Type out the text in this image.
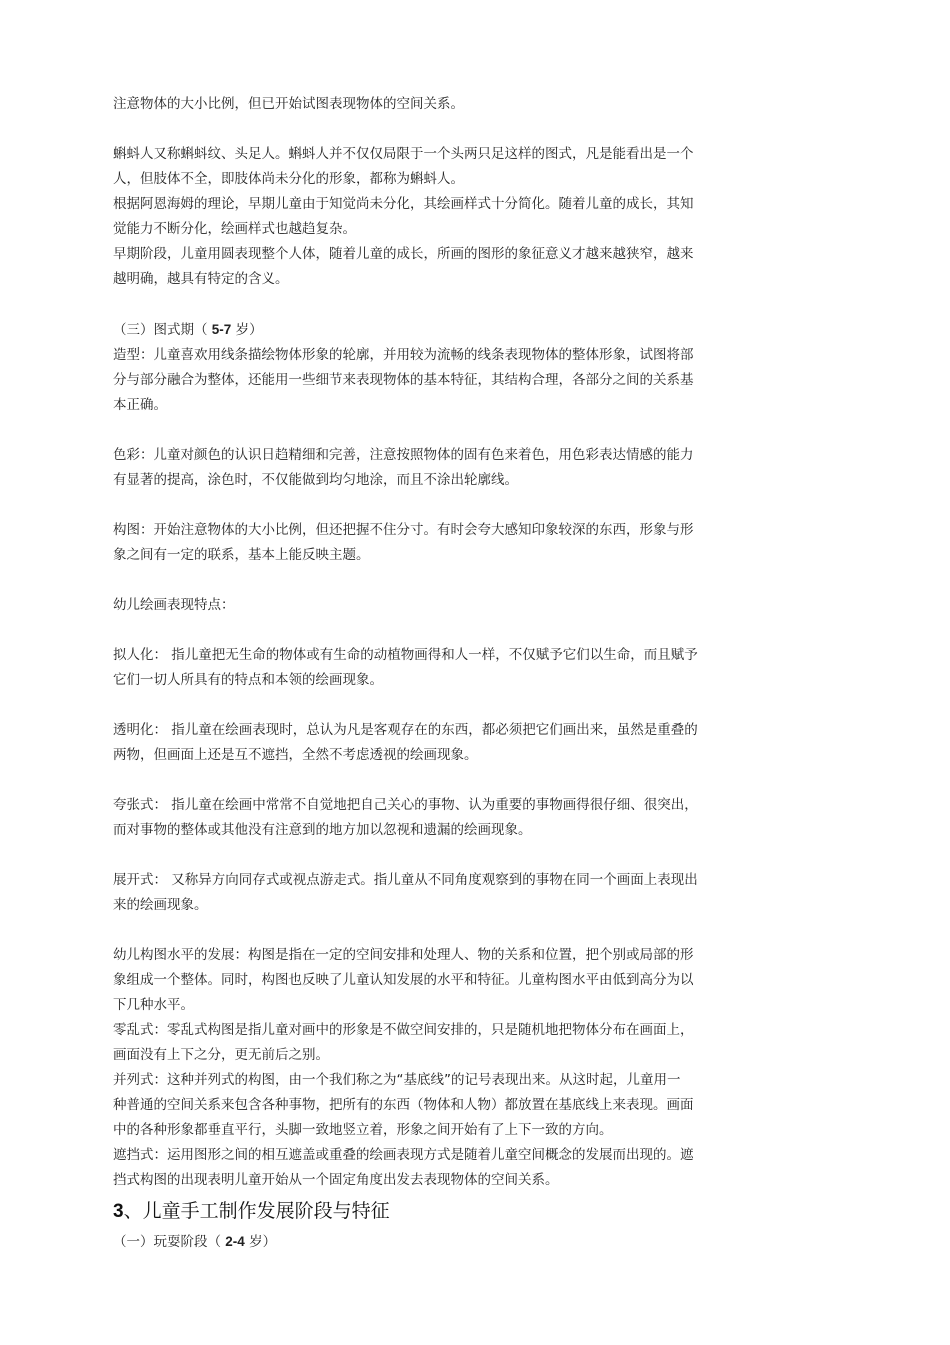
注意物体的大小比例，但已开始试图表现物体的空间关系。
蝌蚪人又称蝌蚪纹、头足人。蝌蚪人并不仅仅局限于一个头两只足这样的图式，凡是能看出是一个
人，但肢体不全，即肢体尚未分化的形象，都称为蝌蚪人。
根据阿恩海姆的理论，早期儿童由于知觉尚未分化，其绘画样式十分简化。随着儿童的成长，其知
觉能力不断分化，绘画样式也越趋复杂。
早期阶段，儿童用圆表现整个人体，随着儿童的成长，所画的图形的象征意义才越来越狭窄，越来
越明确，越具有特定的含义。
（三）图式期（ 5-7 岁）
造型：儿童喜欢用线条描绘物体形象的轮廓，并用较为流畅的线条表现物体的整体形象，试图将部
分与部分融合为整体，还能用一些细节来表现物体的基本特征，其结构合理，各部分之间的关系基
本正确。
色彩：儿童对颜色的认识日趋精细和完善，注意按照物体的固有色来着色，用色彩表达情感的能力
有显著的提高，涂色时，不仅能做到均匀地涂，而且不涂出轮廓线。
构图：开始注意物体的大小比例，但还把握不住分寸。有时会夸大感知印象较深的东西，形象与形
象之间有一定的联系，基本上能反映主题。
幼儿绘画表现特点：
拟人化： 指儿童把无生命的物体或有生命的动植物画得和人一样，不仅赋予它们以生命，而且赋予
它们一切人所具有的特点和本领的绘画现象。
透明化： 指儿童在绘画表现时，总认为凡是客观存在的东西，都必须把它们画出来，虽然是重叠的
两物，但画面上还是互不遮挡，全然不考虑透视的绘画现象。
夸张式： 指儿童在绘画中常常不自觉地把自己关心的事物、认为重要的事物画得很仔细、很突出，
而对事物的整体或其他没有注意到的地方加以忽视和遗漏的绘画现象。
展开式： 又称异方向同存式或视点游走式。指儿童从不同角度观察到的事物在同一个画面上表现出
来的绘画现象。
幼儿构图水平的发展：构图是指在一定的空间安排和处理人、物的关系和位置，把个别或局部的形
象组成一个整体。同时，构图也反映了儿童认知发展的水平和特征。儿童构图水平由低到高分为以
下几种水平。
零乱式：零乱式构图是指儿童对画中的形象是不做空间安排的，只是随机地把物体分布在画面上，
画面没有上下之分，更无前后之别。
并列式：这种并列式的构图，由一个我们称之为“基底线”的记号表现出来。从这时起，儿童用一
种普通的空间关系来包含各种事物，把所有的东西（物体和人物）都放置在基底线上来表现。画面
中的各种形象都垂直平行，头脚一致地竖立着，形象之间开始有了上下一致的方向。
遮挡式：运用图形之间的相互遮盖或重叠的绘画表现方式是随着儿童空间概念的发展而出现的。遮
挡式构图的出现表明儿童开始从一个固定角度出发去表现物体的空间关系。
3、儿童手工制作发展阶段与特征
（一）玩耍阶段（ 2-4 岁）
